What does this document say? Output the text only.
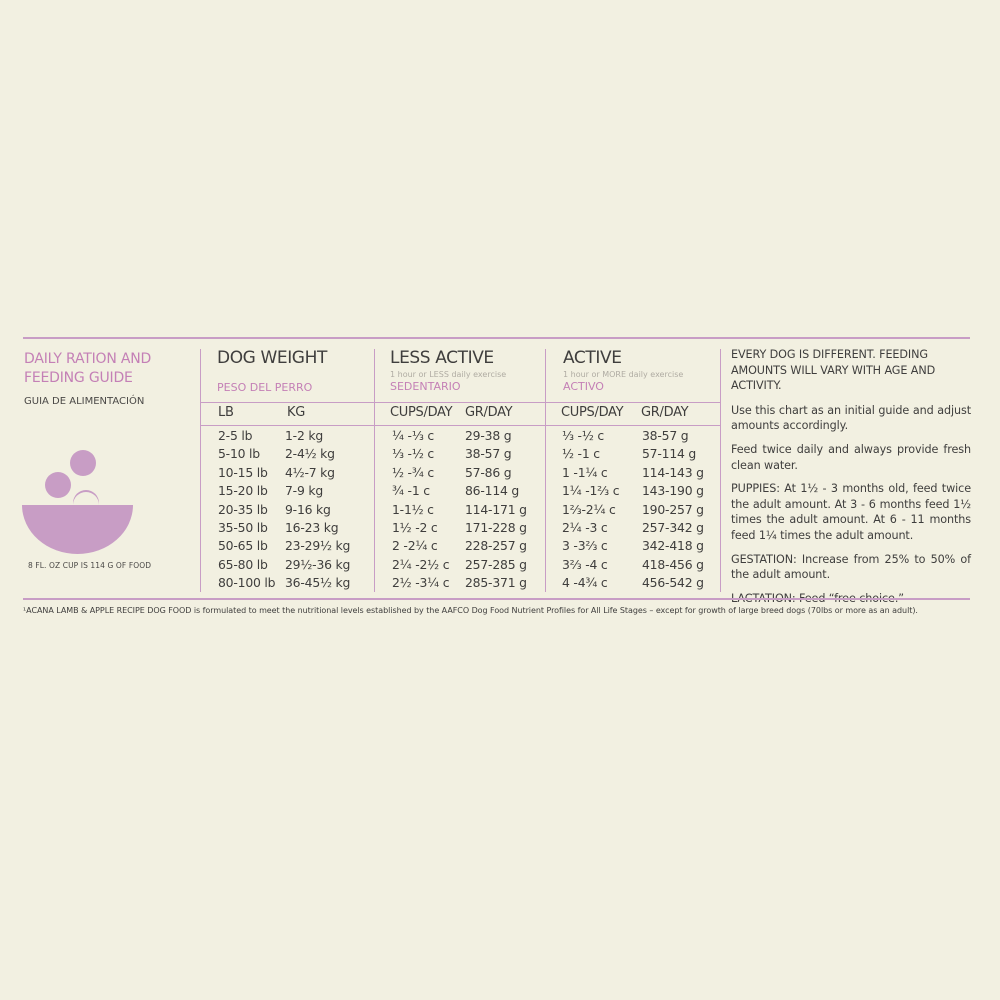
DAILY RATION AND
FEEDING GUIDE
GUIA DE ALIMENTACIÓN
8 FL. OZ CUP IS 114 G OF FOOD
DOG WEIGHT
PESO DEL PERRO
LESS ACTIVE
1 hour or LESS daily exercise
SEDENTARIO
ACTIVE
1 hour or MORE daily exercise
ACTIVO
LB	KG	CUPS/DAY GR/DAY	CUPS/DAY GR/DAY
2-5 lb	1-2 kg	¼ -⅓ c	29-38 g	⅓ -½ c	38-57 g
5-10 lb 2-4½ kg	⅓ -½ c	38-57 g	½ -1 c	57-114 g
10-15 lb 4½-7 kg	½ -¾ c	57-86 g	1 -1¼ c	114-143 g
15-20 lb 7-9 kg	¾ -1 c	86-114 g	1¼ -1⅔ c 143-190 g
20-35 lb 9-16 kg	1-1½ c	114-171 g	1⅔-2¼ c 190-257 g
35-50 lb 16-23 kg	1½ -2 c 171-228 g	2¼ -3 c	257-342 g
50-65 lb 23-29½ kg	2 -2¼ c 228-257 g	3 -3⅔ c	342-418 g
65-80 lb 29½-36 kg	2¼ -2½ c 257-285 g	3⅔ -4 c	418-456 g
80-100 lb 36-45½ kg	2½ -3¼ c 285-371 g	4 -4¾ c	456-542 g

EVERY DOG IS DIFFERENT. FEEDING AMOUNTS WILL VARY WITH AGE AND ACTIVITY.

Use this chart as an initial guide and adjust amounts accordingly.

Feed twice daily and always provide fresh clean water.

PUPPIES: At 1½ - 3 months old, feed twice the adult amount. At 3 - 6 months feed 1½ times the adult amount. At 6 - 11 months feed 1¼ times the adult amount.

GESTATION: Increase from 25% to 50% of the adult amount.

¹ACANA LAMB & APPLE RECIPE DOG FOOD is formulated to meet the nutritional levels established by the AAFCO Dog Food Nutrient Profiles for All Life Stages – except for growth of large breed dogs (70lbs or more as an adult).
